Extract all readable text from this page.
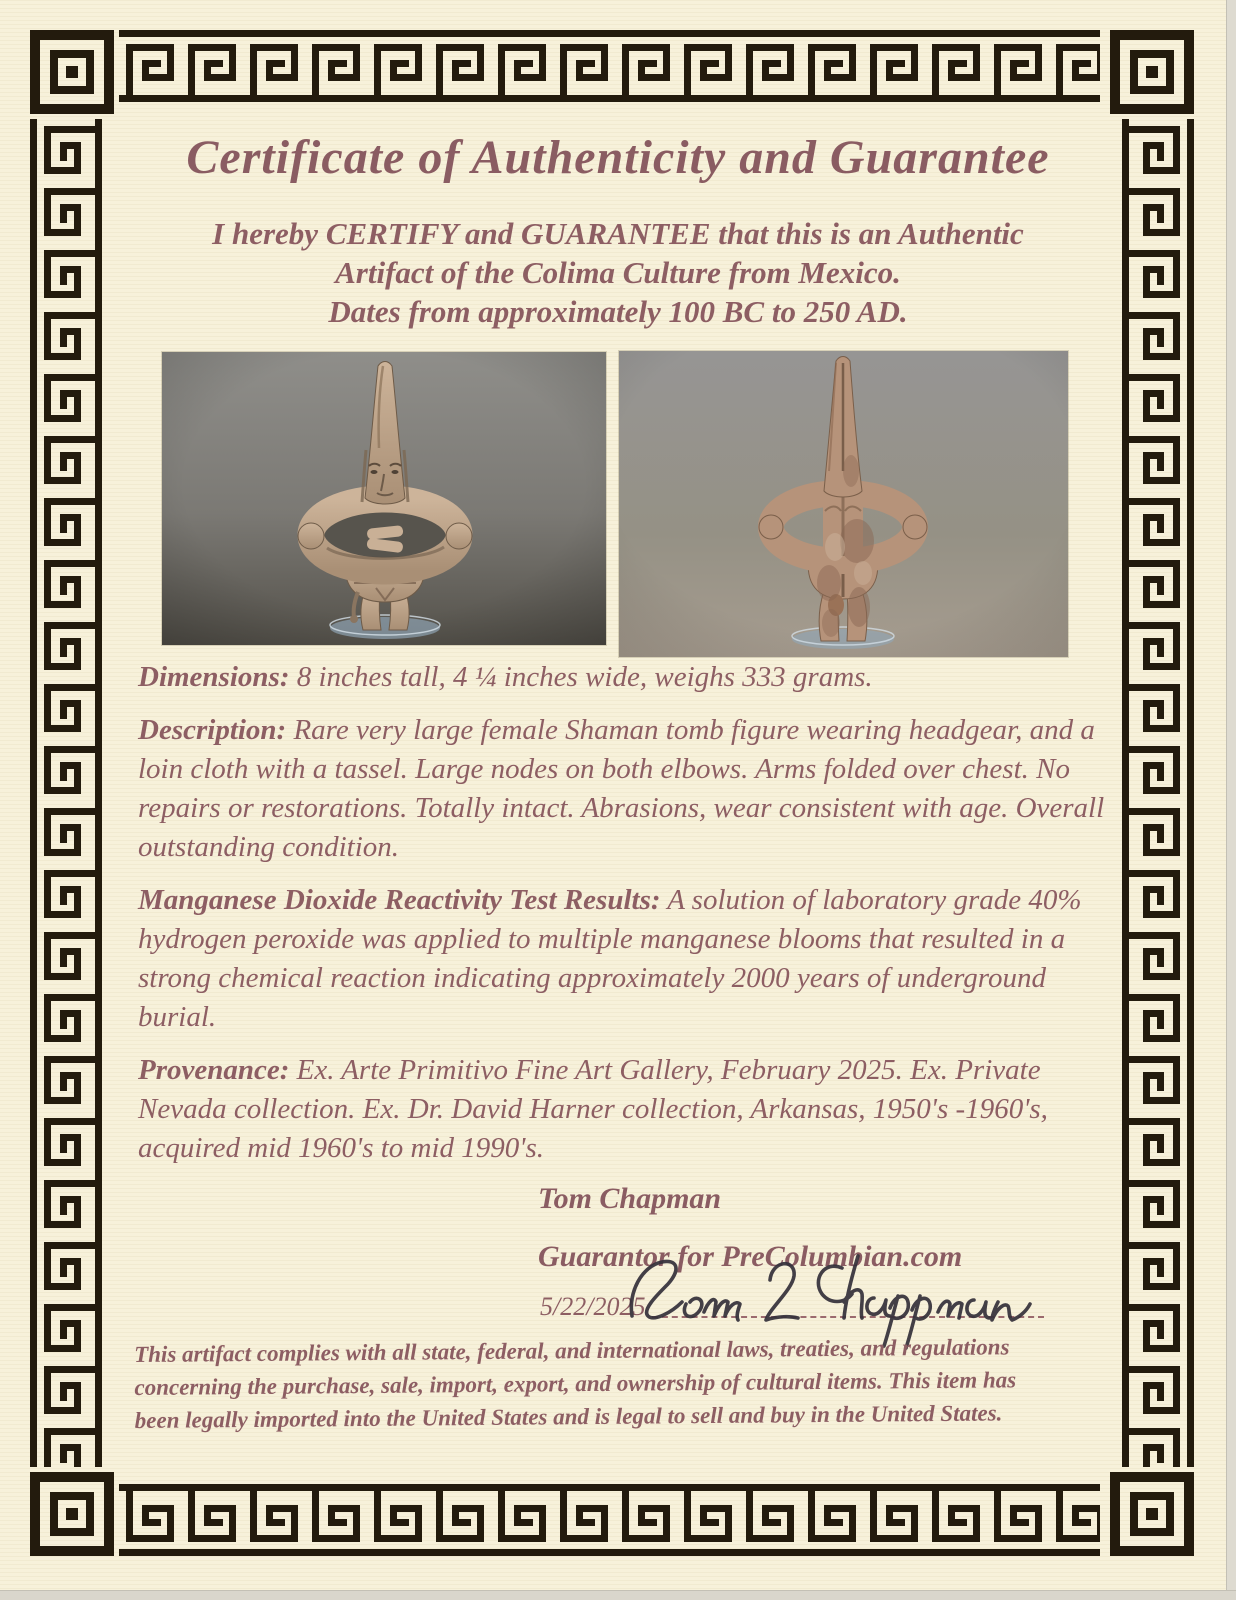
Certificate of Authenticity and Guarantee
I hereby CERTIFY and GUARANTEE that this is an Authentic
Artifact of the Colima Culture from Mexico.
Dates from approximately 100 BC to 250 AD.

Dimensions: 8 inches tall, 4 ¼ inches wide, weighs 333 grams.

Description: Rare very large female Shaman tomb figure wearing headgear, and a loin cloth with a tassel. Large nodes on both elbows. Arms folded over chest. No repairs or restorations. Totally intact. Abrasions, wear consistent with age. Overall outstanding condition.

Manganese Dioxide Reactivity Test Results: A solution of laboratory grade 40% hydrogen peroxide was applied to multiple manganese blooms that resulted in a strong chemical reaction indicating approximately 2000 years of underground burial.

Provenance: Ex. Arte Primitivo Fine Art Gallery, February 2025. Ex. Private Nevada collection. Ex. Dr. David Harner collection, Arkansas, 1950's -1960's, acquired mid 1960's to mid 1990's.

Tom Chapman
Guarantor for PreColumbian.com
5/22/2025
This artifact complies with all state, federal, and international laws, treaties, and regulations
concerning the purchase, sale, import, export, and ownership of cultural items. This item has
been legally imported into the United States and is legal to sell and buy in the United States.
